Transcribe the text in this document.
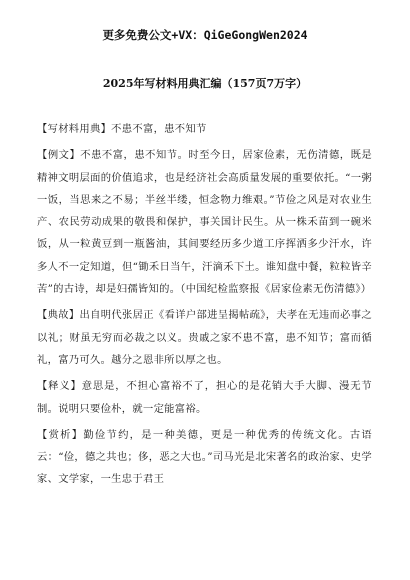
更多免费公文+VX：QiGeGongWen2024
2025年写材料用典汇编（157页7万字）

【写材料用典】不患不富，患不知节

【例文】不患不富，患不知节。时至今日，居家俭素，无伤清德，既是精神文明层面的价值追求，也是经济社会高质量发展的重要依托。“一粥一饭，当思来之不易；半丝半缕，恒念物力维艰。”节俭之风是对农业生产、农民劳动成果的敬畏和保护，事关国计民生。从一株禾苗到一碗米饭，从一粒黄豆到一瓶酱油，其间要经历多少道工序挥洒多少汗水，许多人不一定知道，但“锄禾日当午，汗滴禾下土。谁知盘中餐，粒粒皆辛苦”的古诗，却是妇孺皆知的。（中国纪检监察报《居家俭素无伤清德》）

【典故】出自明代张居正《看详户部进呈揭帖疏》，夫孝在无违而必事之以礼；财虽无穷而必裁之以义。贵戚之家不患不富，患不知节；富而循礼，富乃可久。越分之恩非所以厚之也。

【释义】意思是，不担心富裕不了，担心的是花销大手大脚、漫无节制。说明只要俭朴，就一定能富裕。

【赏析】勤俭节约，是一种美德，更是一种优秀的传统文化。古语云：“俭，德之共也；侈，恶之大也。”司马光是北宋著名的政治家、史学家、文学家，一生忠于君王
